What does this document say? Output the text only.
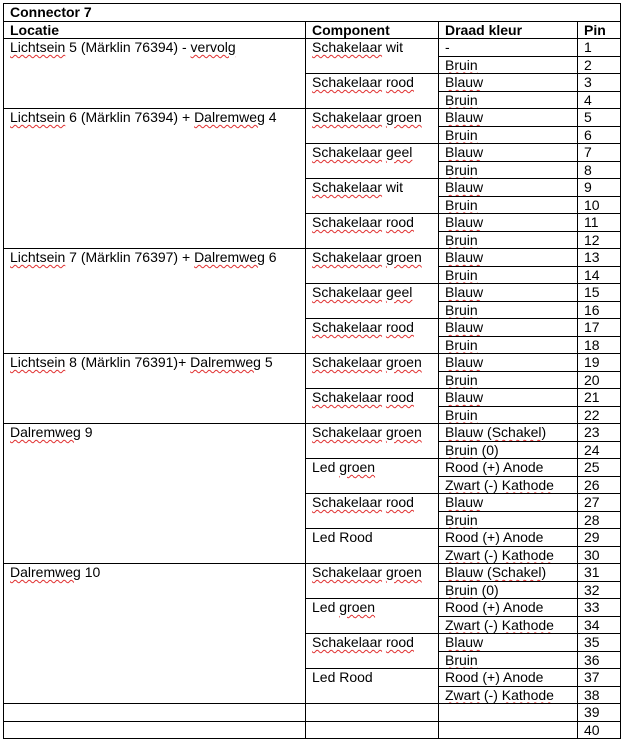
Connector 7			
Locatie	Component	Draad kleur	Pin
Lichtsein 5 (Märklin 76394) - vervolg	Schakelaar wit	-	1
		Bruin	2
	Schakelaar rood	Blauw	3
		Bruin	4
Lichtsein 6 (Märklin 76394) + Dalremweg 4	Schakelaar groen	Blauw	5
		Bruin	6
	Schakelaar geel	Blauw	7
		Bruin	8
	Schakelaar wit	Blauw	9
		Bruin	10
	Schakelaar rood	Blauw	11
		Bruin	12
Lichtsein 7 (Märklin 76397) + Dalremweg 6	Schakelaar groen	Blauw	13
		Bruin	14
	Schakelaar geel	Blauw	15
		Bruin	16
	Schakelaar rood	Blauw	17
		Bruin	18
Lichtsein 8 (Märklin 76391)+ Dalremweg 5	Schakelaar groen	Blauw	19
		Bruin	20
	Schakelaar rood	Blauw	21
		Bruin	22
Dalremweg 9	Schakelaar groen	Blauw (Schakel)	23
		Bruin (0)	24
	Led groen	Rood (+) Anode	25
		Zwart (-) Kathode	26
	Schakelaar rood	Blauw	27
		Bruin	28
	Led Rood	Rood (+) Anode	29
		Zwart (-) Kathode	30
Dalremweg 10	Schakelaar groen	Blauw (Schakel)	31
		Bruin (0)	32
	Led groen	Rood (+) Anode	33
		Zwart (-) Kathode	34
	Schakelaar rood	Blauw	35
		Bruin	36
	Led Rood	Rood (+) Anode	37
		Zwart (-) Kathode	38
			39
			40
